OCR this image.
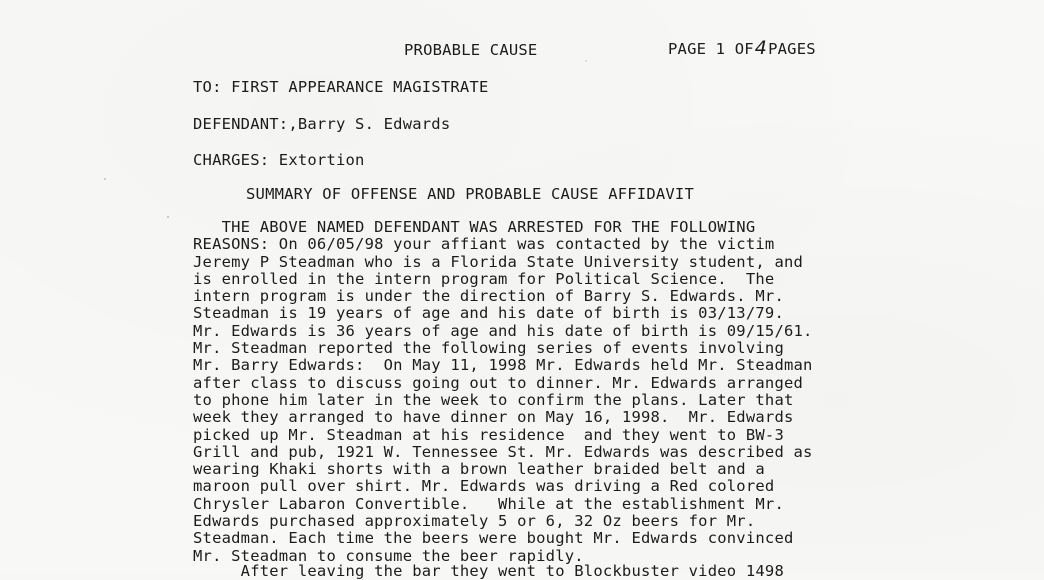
PROBABLE CAUSE	PAGE 1 OF4PAGES
TO: FIRST APPEARANCE MAGISTRATE
DEFENDANT:,Barry S. Edwards
CHARGES: Extortion
SUMMARY OF OFFENSE AND PROBABLE CAUSE AFFIDAVIT
THE ABOVE NAMED DEFENDANT WAS ARRESTED FOR THE FOLLOWING
REASONS: On 06/05/98 your affiant was contacted by the victim
Jeremy P Steadman who is a Florida State University student, and
is enrolled in the intern program for Political Science.  The
intern program is under the direction of Barry S. Edwards. Mr.
Steadman is 19 years of age and his date of birth is 03/13/79.
Mr. Edwards is 36 years of age and his date of birth is 09/15/61.
Mr. Steadman reported the following series of events involving
Mr. Barry Edwards:  On May 11, 1998 Mr. Edwards held Mr. Steadman
after class to discuss going out to dinner. Mr. Edwards arranged
to phone him later in the week to confirm the plans. Later that
week they arranged to have dinner on May 16, 1998.  Mr. Edwards
picked up Mr. Steadman at his residence  and they went to BW-3
Grill and pub, 1921 W. Tennessee St. Mr. Edwards was described as
wearing Khaki shorts with a brown leather braided belt and a
maroon pull over shirt. Mr. Edwards was driving a Red colored
Chrysler Labaron Convertible.   While at the establishment Mr.
Edwards purchased approximately 5 or 6, 32 Oz beers for Mr.
Steadman. Each time the beers were bought Mr. Edwards convinced
Mr. Steadman to consume the beer rapidly.
After leaving the bar they went to Blockbuster video 1498
